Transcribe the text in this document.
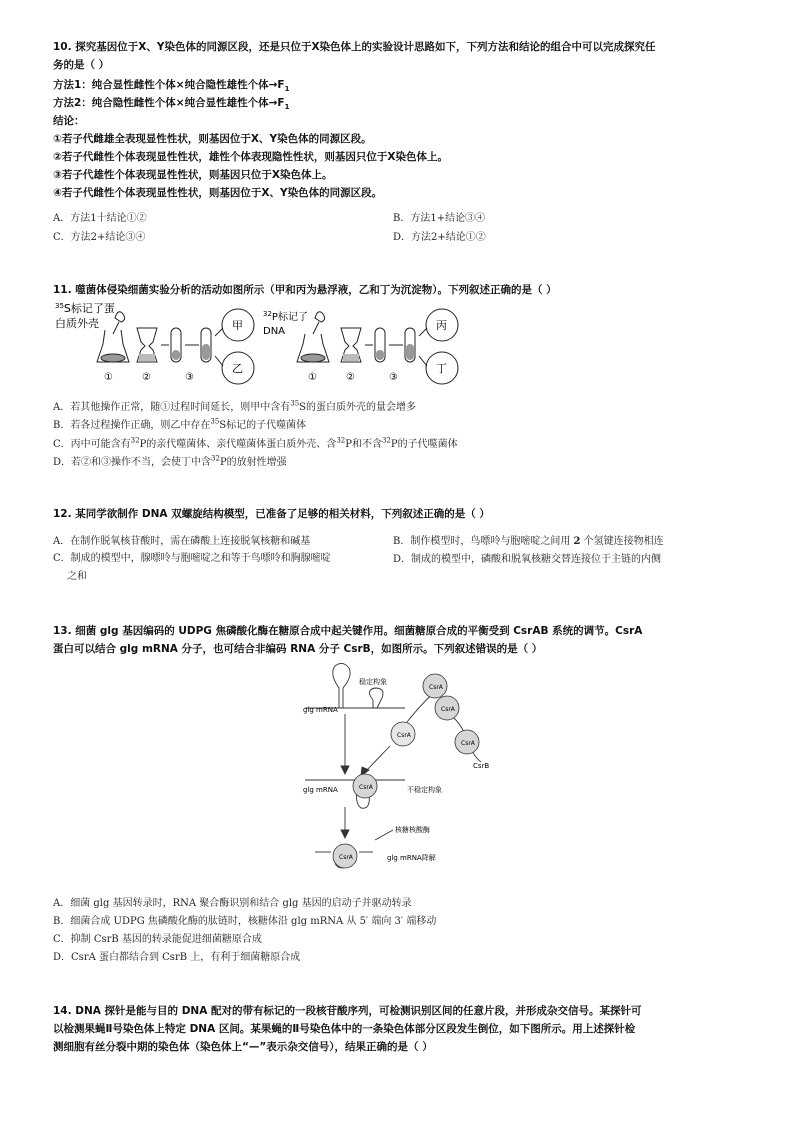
10. 探究基因位于X、Y染色体的同源区段，还是只位于X染色体上的实验设计思路如下，下列方法和结论的组合中可以完成探究任
务的是（ ）
方法1：纯合显性雌性个体×纯合隐性雄性个体$\to F_1$
方法2：纯合隐性雌性个体×纯合显性雄性个体$\to F_1$
结论：
①若子代雌雄全表现显性性状，则基因位于X、Y染色体的同源区段。
②若子代雌性个体表现显性性状，雄性个体表现隐性性状，则基因只位于X染色体上。
③若子代雄性个体表现显性性状，则基因只位于X染色体上。
④若子代雌性个体表现显性性状，则基因位于X、Y染色体的同源区段。
A．方法1十结论①②	B．方法1+结论③④
C．方法2+结论③④	D．方法2+结论①②
11. 噬菌体侵染细菌实验分析的活动如图所示（甲和丙为悬浮液，乙和丁为沉淀物）。下列叙述正确的是（ ）
$^{35}$S标记了蛋
白质外壳	甲
乙
①	②	③
$^{32}$P标记了
DNA	丙
丁
①	②	③
A．若其他操作正常，随①过程时间延长，则甲中含有$^{35}$S的蛋白质外壳的量会增多
B．若各过程操作正确，则乙中存在$^{35}$S标记的子代噬菌体
C．丙中可能含有$^{32}$P的亲代噬菌体、亲代噬菌体蛋白质外壳、含$^{32}$P和不含$^{32}$P的子代噬菌体
D．若②和③操作不当，会使丁中含$^{32}$P的放射性增强
12. 某同学欲制作 DNA 双螺旋结构模型，已准备了足够的相关材料，下列叙述正确的是（ ）
A．在制作脱氧核苷酸时，需在磷酸上连接脱氧核糖和碱基	B．制作模型时，鸟嘌呤与胞嘧啶之间用 2 个氢键连接物相连
C．制成的模型中，腺嘌呤与胞嘧啶之和等于鸟嘌呤和胸腺嘧啶
之和
D．制成的模型中，磷酸和脱氧核糖交替连接位于主链的内侧
13. 细菌 glg 基因编码的 UDPG 焦磷酸化酶在糖原合成中起关键作用。细菌糖原合成的平衡受到 CsrAB 系统的调节。CsrA
蛋白可以结合 glg mRNA 分子，也可结合非编码 RNA 分子 CsrB，如图所示。下列叙述错误的是（ ）
CsrA
CsrA
CsrA
CsrA
CsrA
CsrA
CsrB
稳定构象
glg mRNA
glg mRNA	不稳定构象
核糖核酸酶
glg mRNA降解
A．细菌 glg 基因转录时，RNA 聚合酶识别和结合 glg 基因的启动子并驱动转录
B．细菌合成 UDPG 焦磷酸化酶的肽链时，核糖体沿 glg mRNA 从 5′ 端向 3′ 端移动
C．抑制 CsrB 基因的转录能促进细菌糖原合成
D．CsrA 蛋白都结合到 CsrB 上，有利于细菌糖原合成
14. DNA 探针是能与目的 DNA 配对的带有标记的一段核苷酸序列，可检测识别区间的任意片段，并形成杂交信号。某探针可
以检测果蝇Ⅱ号染色体上特定 DNA 区间。某果蝇的Ⅱ号染色体中的一条染色体部分区段发生倒位，如下图所示。用上述探针检
测细胞有丝分裂中期的染色体（染色体上“—”表示杂交信号），结果正确的是（ ）
